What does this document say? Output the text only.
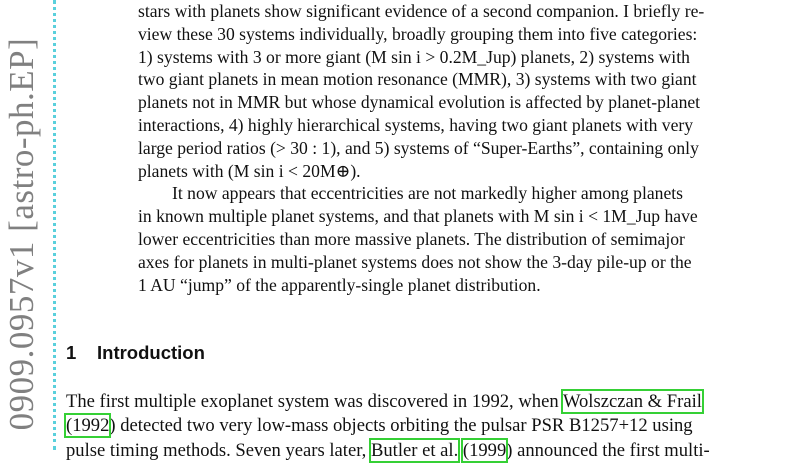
0909.0957v1 [astro-ph.EP]

stars with planets show significant evidence of a second companion. I briefly re-
view these 30 systems individually, broadly grouping them into five categories:
1) systems with 3 or more giant (M sin i > 0.2M_Jup) planets, 2) systems with
two giant planets in mean motion resonance (MMR), 3) systems with two giant
planets not in MMR but whose dynamical evolution is affected by planet-planet
interactions, 4) highly hierarchical systems, having two giant planets with very
large period ratios (> 30 : 1), and 5) systems of “Super-Earths”, containing only
planets with (M sin i < 20M⊕).

It now appears that eccentricities are not markedly higher among planets
in known multiple planet systems, and that planets with M sin i < 1M_Jup have
lower eccentricities than more massive planets. The distribution of semimajor
axes for planets in multi-planet systems does not show the 3-day pile-up or the
1 AU “jump” of the apparently-single planet distribution.

1 Introduction

The first multiple exoplanet system was discovered in 1992, when Wolszczan & Frail
(1992) detected two very low-mass objects orbiting the pulsar PSR B1257+12 using
pulse timing methods. Seven years later, Butler et al. (1999) announced the first multi-
